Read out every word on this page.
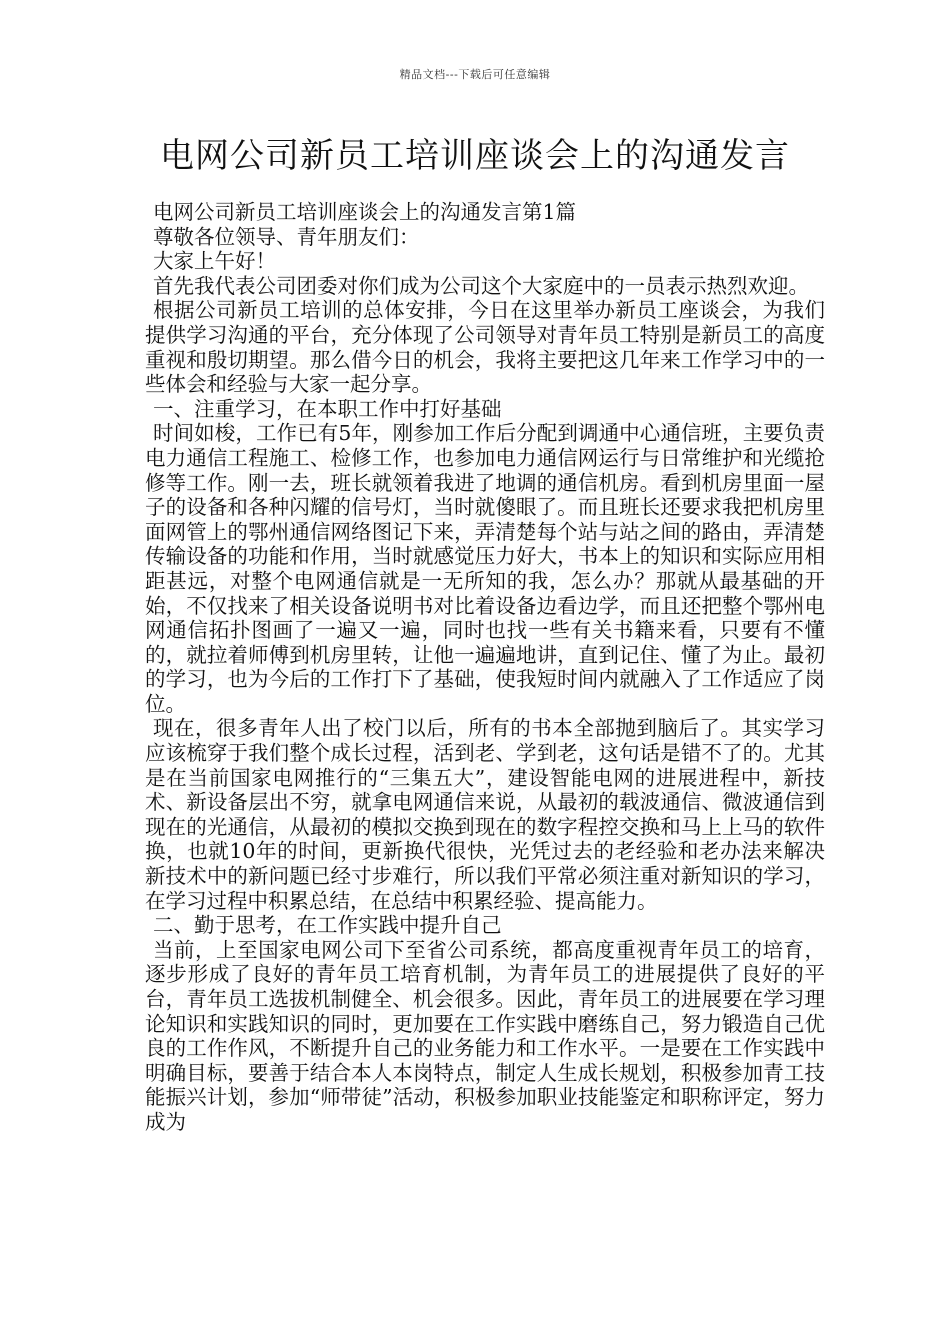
精品文档---下载后可任意编辑
电网公司新员工培训座谈会上的沟通发言

电网公司新员工培训座谈会上的沟通发言第1篇

尊敬各位领导、青年朋友们：

大家上午好！

首先我代表公司团委对你们成为公司这个大家庭中的一员表示热烈欢迎。

根据公司新员工培训的总体安排，今日在这里举办新员工座谈会，为我们提供学习沟通的平台，充分体现了公司领导对青年员工特别是新员工的高度重视和殷切期望。那么借今日的机会，我将主要把这几年来工作学习中的一些体会和经验与大家一起分享。

一、注重学习，在本职工作中打好基础

时间如梭，工作已有5年，刚参加工作后分配到调通中心通信班，主要负责电力通信工程施工、检修工作，也参加电力通信网运行与日常维护和光缆抢修等工作。刚一去，班长就领着我进了地调的通信机房。看到机房里面一屋子的设备和各种闪耀的信号灯，当时就傻眼了。而且班长还要求我把机房里面网管上的鄂州通信网络图记下来，弄清楚每个站与站之间的路由，弄清楚传输设备的功能和作用，当时就感觉压力好大，书本上的知识和实际应用相距甚远，对整个电网通信就是一无所知的我，怎么办？那就从最基础的开始，不仅找来了相关设备说明书对比着设备边看边学，而且还把整个鄂州电网通信拓扑图画了一遍又一遍，同时也找一些有关书籍来看，只要有不懂的，就拉着师傅到机房里转，让他一遍遍地讲，直到记住、懂了为止。最初的学习，也为今后的工作打下了基础，使我短时间内就融入了工作适应了岗位。

现在，很多青年人出了校门以后，所有的书本全部抛到脑后了。其实学习应该梳穿于我们整个成长过程，活到老、学到老，这句话是错不了的。尤其是在当前国家电网推行的“三集五大”，建设智能电网的进展进程中，新技术、新设备层出不穷，就拿电网通信来说，从最初的载波通信、微波通信到现在的光通信，从最初的模拟交换到现在的数字程控交换和马上上马的软件换，也就10年的时间，更新换代很快，光凭过去的老经验和老办法来解决新技术中的新问题已经寸步难行，所以我们平常必须注重对新知识的学习，在学习过程中积累总结，在总结中积累经验、提高能力。

二、勤于思考，在工作实践中提升自己

当前，上至国家电网公司下至省公司系统，都高度重视青年员工的培育，逐步形成了良好的青年员工培育机制，为青年员工的进展提供了良好的平台，青年员工选拔机制健全、机会很多。因此，青年员工的进展要在学习理论知识和实践知识的同时，更加要在工作实践中磨练自己，努力锻造自己优良的工作作风，不断提升自己的业务能力和工作水平。一是要在工作实践中明确目标，要善于结合本人本岗特点，制定人生成长规划，积极参加青工技能振兴计划，参加“师带徒”活动，积极参加职业技能鉴定和职称评定，努力成为
